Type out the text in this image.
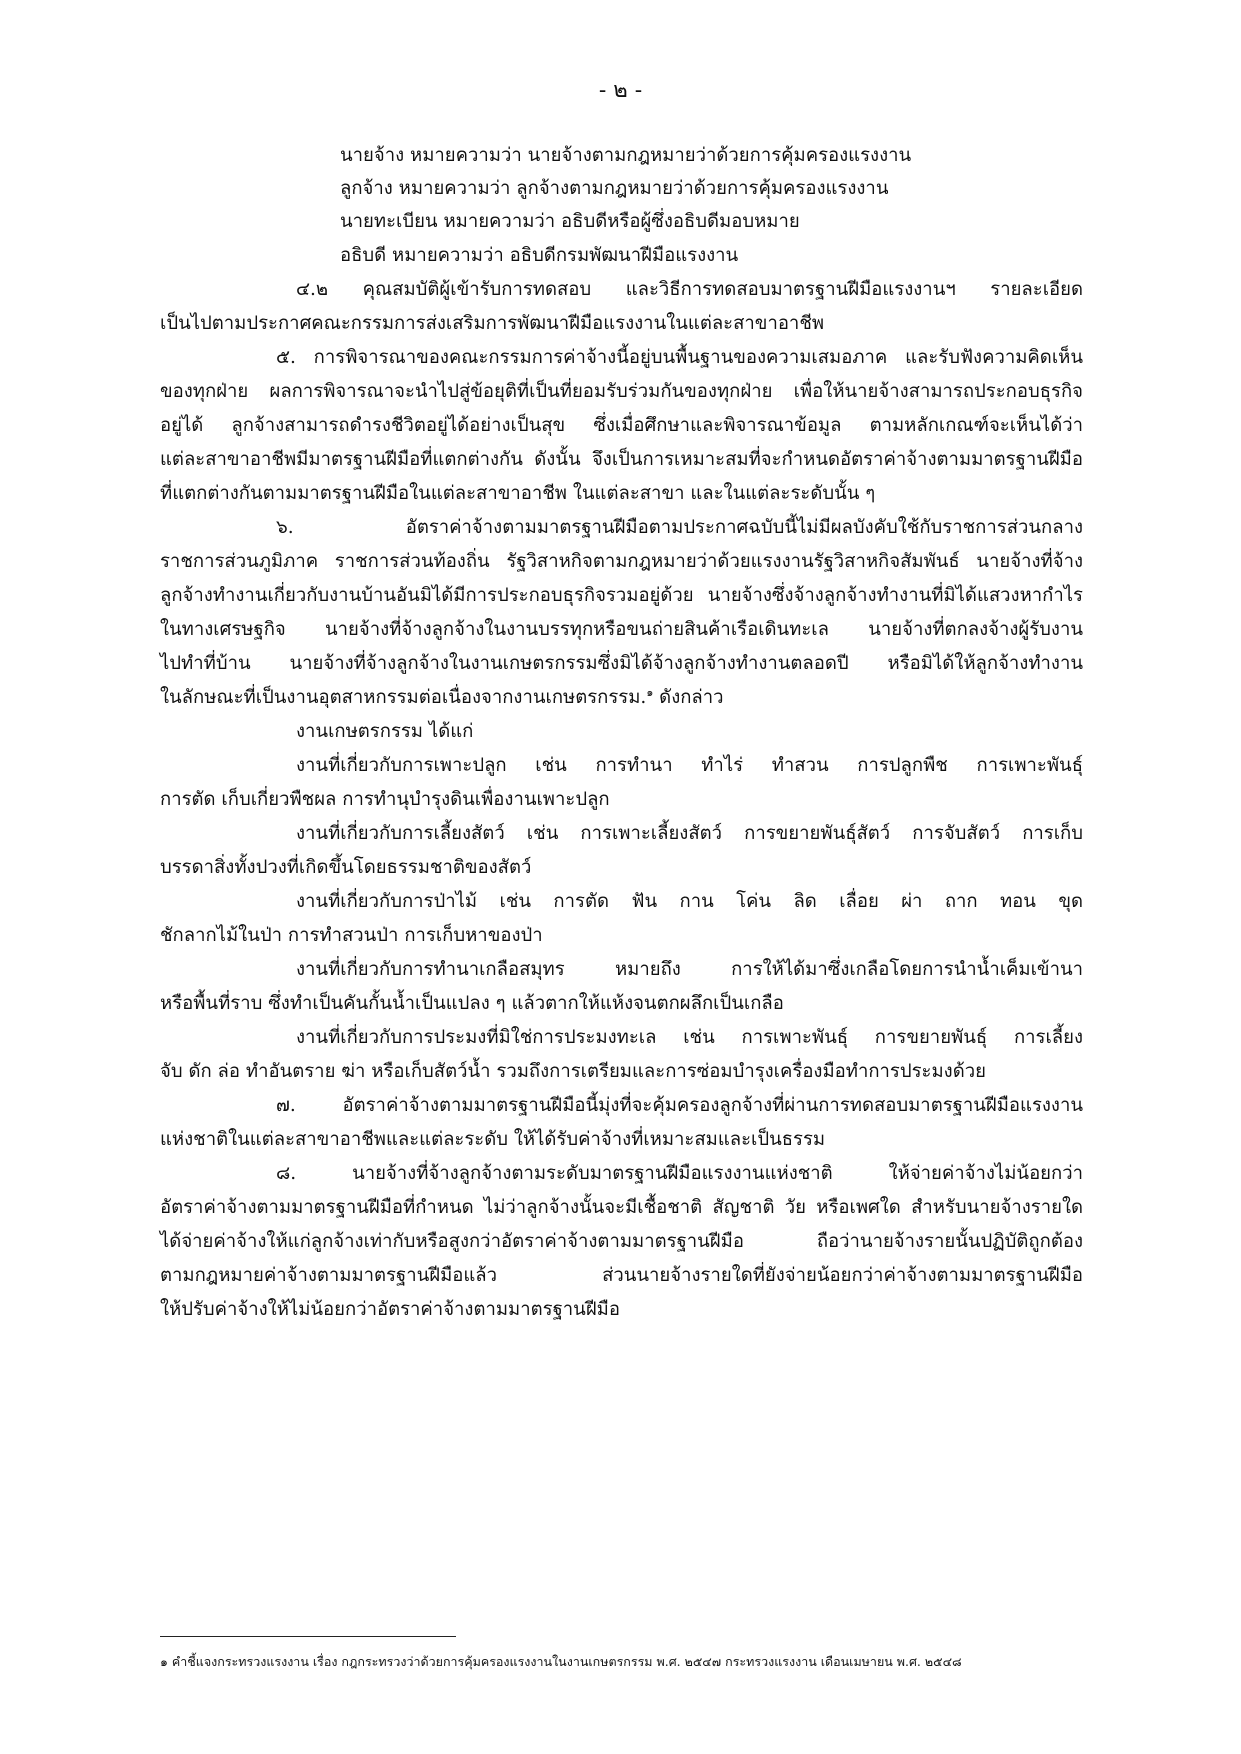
- ๒ -
นายจ้าง หมายความว่า นายจ้างตามกฎหมายว่าด้วยการคุ้มครองแรงงาน
ลูกจ้าง หมายความว่า ลูกจ้างตามกฎหมายว่าด้วยการคุ้มครองแรงงาน
นายทะเบียน หมายความว่า อธิบดีหรือผู้ซึ่งอธิบดีมอบหมาย
อธิบดี หมายความว่า อธิบดีกรมพัฒนาฝีมือแรงงาน
๔.๒ คุณสมบัติผู้เข้ารับการทดสอบ และวิธีการทดสอบมาตรฐานฝีมือแรงงานฯ รายละเอียด
เป็นไปตามประกาศคณะกรรมการส่งเสริมการพัฒนาฝีมือแรงงานในแต่ละสาขาอาชีพ
๕. การพิจารณาของคณะกรรมการค่าจ้างนี้อยู่บนพื้นฐานของความเสมอภาค และรับฟังความคิดเห็น
ของทุกฝ่าย ผลการพิจารณาจะนำไปสู่ข้อยุติที่เป็นที่ยอมรับร่วมกันของทุกฝ่าย เพื่อให้นายจ้างสามารถประกอบธุรกิจ
อยู่ได้ ลูกจ้างสามารถดำรงชีวิตอยู่ได้อย่างเป็นสุข ซึ่งเมื่อศึกษาและพิจารณาข้อมูล ตามหลักเกณฑ์จะเห็นได้ว่า
แต่ละสาขาอาชีพมีมาตรฐานฝีมือที่แตกต่างกัน ดังนั้น จึงเป็นการเหมาะสมที่จะกำหนดอัตราค่าจ้างตามมาตรฐานฝีมือ
ที่แตกต่างกันตามมาตรฐานฝีมือในแต่ละสาขาอาชีพ ในแต่ละสาขา และในแต่ละระดับนั้น ๆ
๖. อัตราค่าจ้างตามมาตรฐานฝีมือตามประกาศฉบับนี้ไม่มีผลบังคับใช้กับราชการส่วนกลาง
ราชการส่วนภูมิภาค ราชการส่วนท้องถิ่น รัฐวิสาหกิจตามกฎหมายว่าด้วยแรงงานรัฐวิสาหกิจสัมพันธ์ นายจ้างที่จ้าง
ลูกจ้างทำงานเกี่ยวกับงานบ้านอันมิได้มีการประกอบธุรกิจรวมอยู่ด้วย นายจ้างซึ่งจ้างลูกจ้างทำงานที่มิได้แสวงหากำไร
ในทางเศรษฐกิจ นายจ้างที่จ้างลูกจ้างในงานบรรทุกหรือขนถ่ายสินค้าเรือเดินทะเล นายจ้างที่ตกลงจ้างผู้รับงาน
ไปทำที่บ้าน นายจ้างที่จ้างลูกจ้างในงานเกษตรกรรมซึ่งมิได้จ้างลูกจ้างทำงานตลอดปี หรือมิได้ให้ลูกจ้างทำงาน
ในลักษณะที่เป็นงานอุตสาหกรรมต่อเนื่องจากงานเกษตรกรรม.$^๑$ ดังกล่าว
งานเกษตรกรรม ได้แก่
งานที่เกี่ยวกับการเพาะปลูก เช่น การทำนา ทำไร่ ทำสวน การปลูกพืช การเพาะพันธุ์
การตัด เก็บเกี่ยวพืชผล การทำนุบำรุงดินเพื่องานเพาะปลูก
งานที่เกี่ยวกับการเลี้ยงสัตว์ เช่น การเพาะเลี้ยงสัตว์ การขยายพันธุ์สัตว์ การจับสัตว์ การเก็บ
บรรดาสิ่งทั้งปวงที่เกิดขึ้นโดยธรรมชาติของสัตว์
งานที่เกี่ยวกับการป่าไม้ เช่น การตัด ฟัน กาน โค่น ลิด เลื่อย ผ่า ถาก ทอน ขุด
ชักลากไม้ในป่า การทำสวนป่า การเก็บหาของป่า
งานที่เกี่ยวกับการทำนาเกลือสมุทร หมายถึง การให้ได้มาซึ่งเกลือโดยการนำน้ำเค็มเข้านา
หรือพื้นที่ราบ ซึ่งทำเป็นคันกั้นน้ำเป็นแปลง ๆ แล้วตากให้แห้งจนตกผลึกเป็นเกลือ
งานที่เกี่ยวกับการประมงที่มิใช่การประมงทะเล เช่น การเพาะพันธุ์ การขยายพันธุ์ การเลี้ยง
จับ ดัก ล่อ ทำอันตราย ฆ่า หรือเก็บสัตว์น้ำ รวมถึงการเตรียมและการซ่อมบำรุงเครื่องมือทำการประมงด้วย
๗. อัตราค่าจ้างตามมาตรฐานฝีมือนี้มุ่งที่จะคุ้มครองลูกจ้างที่ผ่านการทดสอบมาตรฐานฝีมือแรงงาน
แห่งชาติในแต่ละสาขาอาชีพและแต่ละระดับ ให้ได้รับค่าจ้างที่เหมาะสมและเป็นธรรม
๘. นายจ้างที่จ้างลูกจ้างตามระดับมาตรฐานฝีมือแรงงานแห่งชาติ ให้จ่ายค่าจ้างไม่น้อยกว่า
อัตราค่าจ้างตามมาตรฐานฝีมือที่กำหนด ไม่ว่าลูกจ้างนั้นจะมีเชื้อชาติ สัญชาติ วัย หรือเพศใด สำหรับนายจ้างรายใด
ได้จ่ายค่าจ้างให้แก่ลูกจ้างเท่ากับหรือสูงกว่าอัตราค่าจ้างตามมาตรฐานฝีมือ ถือว่านายจ้างรายนั้นปฏิบัติถูกต้อง
ตามกฎหมายค่าจ้างตามมาตรฐานฝีมือแล้ว ส่วนนายจ้างรายใดที่ยังจ่ายน้อยกว่าค่าจ้างตามมาตรฐานฝีมือ
ให้ปรับค่าจ้างให้ไม่น้อยกว่าอัตราค่าจ้างตามมาตรฐานฝีมือ
๑ คำชี้แจงกระทรวงแรงงาน เรื่อง กฎกระทรวงว่าด้วยการคุ้มครองแรงงานในงานเกษตรกรรม พ.ศ. ๒๕๔๗ กระทรวงแรงงาน เดือนเมษายน พ.ศ. ๒๕๔๘
